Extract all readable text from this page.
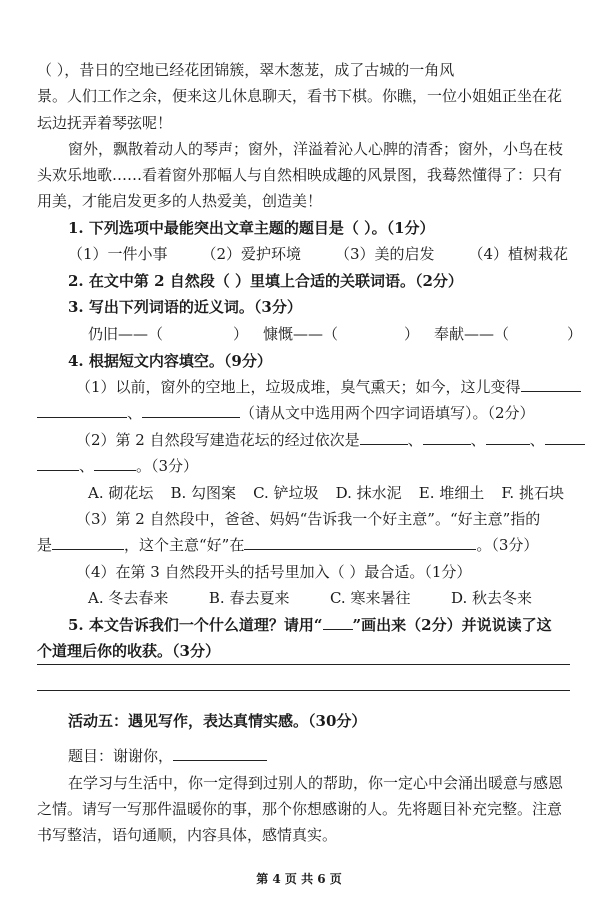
（ ），昔日的空地已经花团锦簇，翠木葱茏，成了古城的一角风
景。人们工作之余，便来这儿休息聊天，看书下棋。你瞧，一位小姐姐正坐在花
坛边抚弄着琴弦呢！
窗外，飘散着动人的琴声；窗外，洋溢着沁人心脾的清香；窗外，小鸟在枝
头欢乐地歌……看着窗外那幅人与自然相映成趣的风景图，我蓦然懂得了：只有
用美，才能启发更多的人热爱美，创造美！
1. 下列选项中最能突出文章主题的题目是（ ）。（1分）
（1）一件小事 （2）爱护环境 （3）美的启发 （4）植树栽花
2. 在文中第 2 自然段（ ）里填上合适的关联词语。（2分）
3. 写出下列词语的近义词。（3分）
仍旧——（	） 慷慨——（	） 奉献——（	）
4. 根据短文内容填空。（9分）
（1）以前，窗外的空地上，垃圾成堆，臭气熏天；如今，这儿变得
、	（请从文中选用两个四字词语填写）。（2分）
（2）第 2 自然段写建造花坛的经过依次是	、	、	、
、	。（3分）
A. 砌花坛 B. 勾图案 C. 铲垃圾 D. 抹水泥 E. 堆细土 F. 挑石块
（3）第 2 自然段中，爸爸、妈妈“告诉我一个好主意”。“好主意”指的
是	，这个主意“好”在	。（3分）
（4）在第 3 自然段开头的括号里加入（ ）最合适。（1分）
A. 冬去春来	B. 春去夏来	C. 寒来暑往	D. 秋去冬来
5. 本文告诉我们一个什么道理？请用“ ”画出来（2分）并说说读了这
个道理后你的收获。（3分）
活动五：遇见写作，表达真情实感。（30分）
题目：谢谢你，
在学习与生活中，你一定得到过别人的帮助，你一定心中会涌出暖意与感恩
之情。请写一写那件温暖你的事，那个你想感谢的人。先将题目补充完整。注意
书写整洁，语句通顺，内容具体，感情真实。
第 4 页 共 6 页
